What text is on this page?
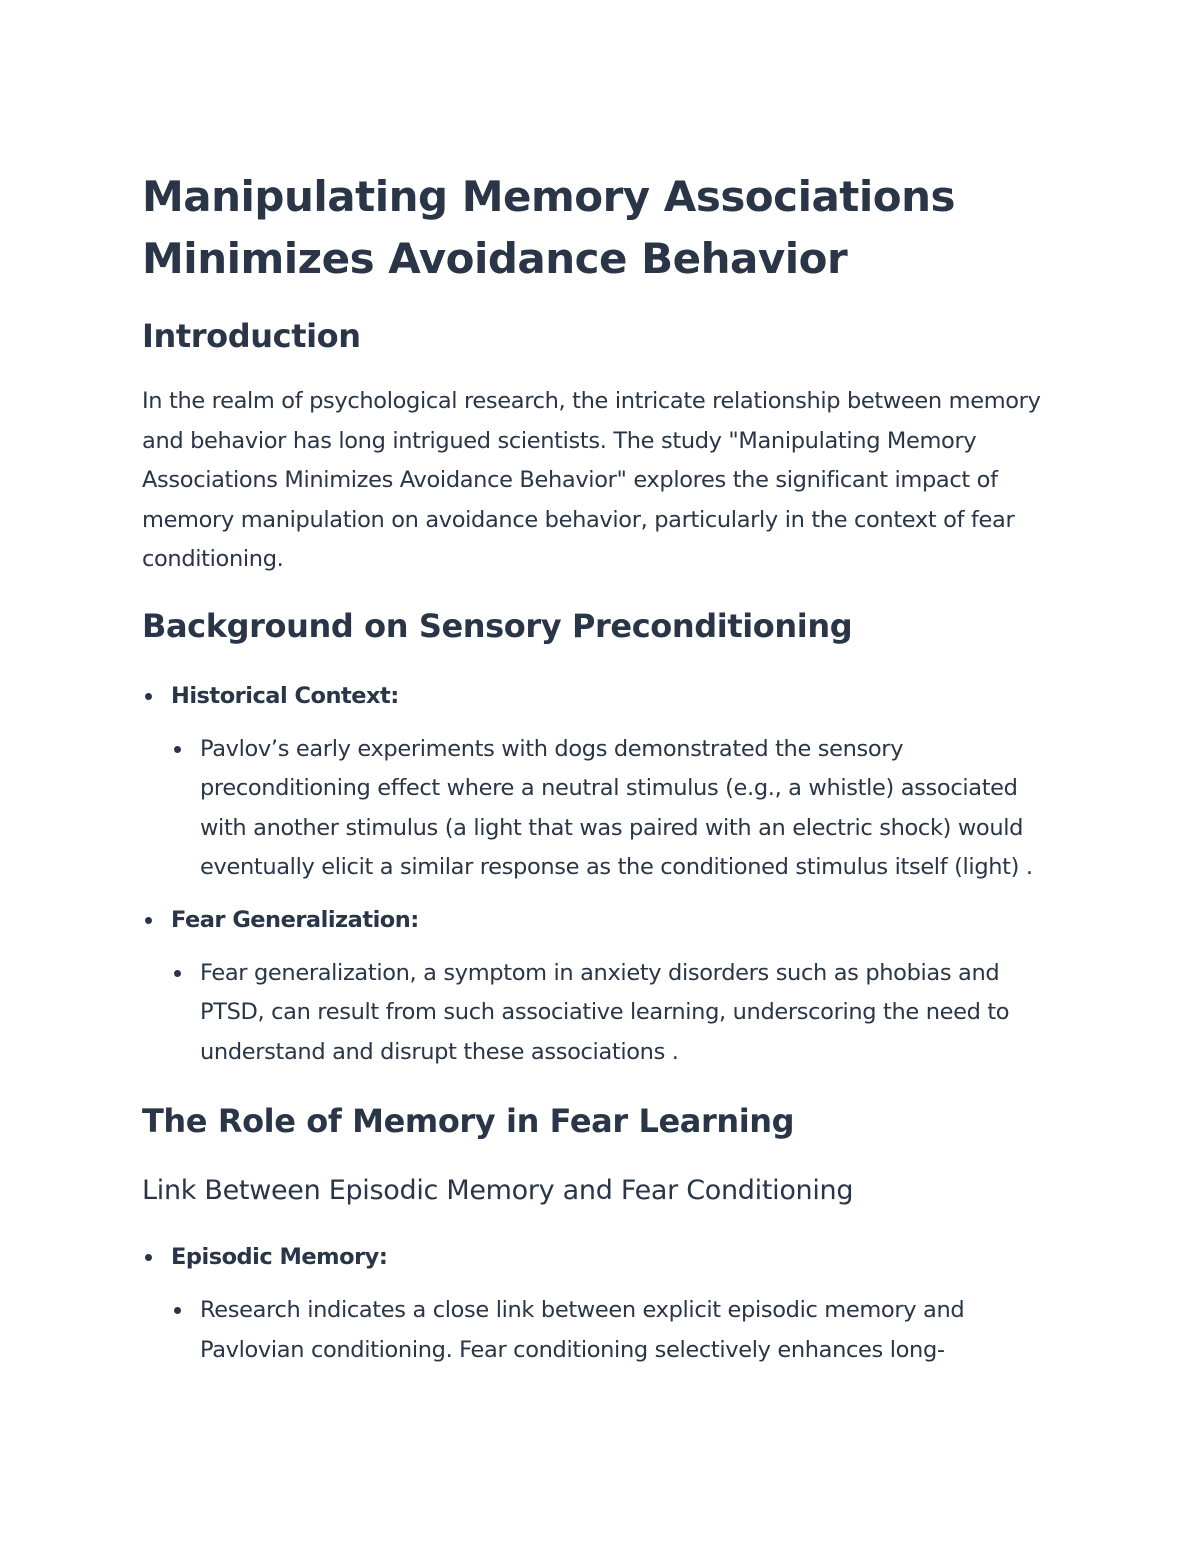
Manipulating Memory Associations Minimizes Avoidance Behavior
Introduction

In the realm of psychological research, the intricate relationship between memory and behavior has long intrigued scientists. The study "Manipulating Memory Associations Minimizes Avoidance Behavior" explores the significant impact of memory manipulation on avoidance behavior, particularly in the context of fear conditioning.

Background on Sensory Preconditioning
Historical Context:
Pavlov’s early experiments with dogs demonstrated the sensory preconditioning effect where a neutral stimulus (e.g., a whistle) associated with another stimulus (a light that was paired with an electric shock) would eventually elicit a similar response as the conditioned stimulus itself (light) .
Fear Generalization:
Fear generalization, a symptom in anxiety disorders such as phobias and PTSD, can result from such associative learning, underscoring the need to understand and disrupt these associations .
The Role of Memory in Fear Learning
Link Between Episodic Memory and Fear Conditioning
Episodic Memory:
Research indicates a close link between explicit episodic memory and Pavlovian conditioning. Fear conditioning selectively enhances long-
